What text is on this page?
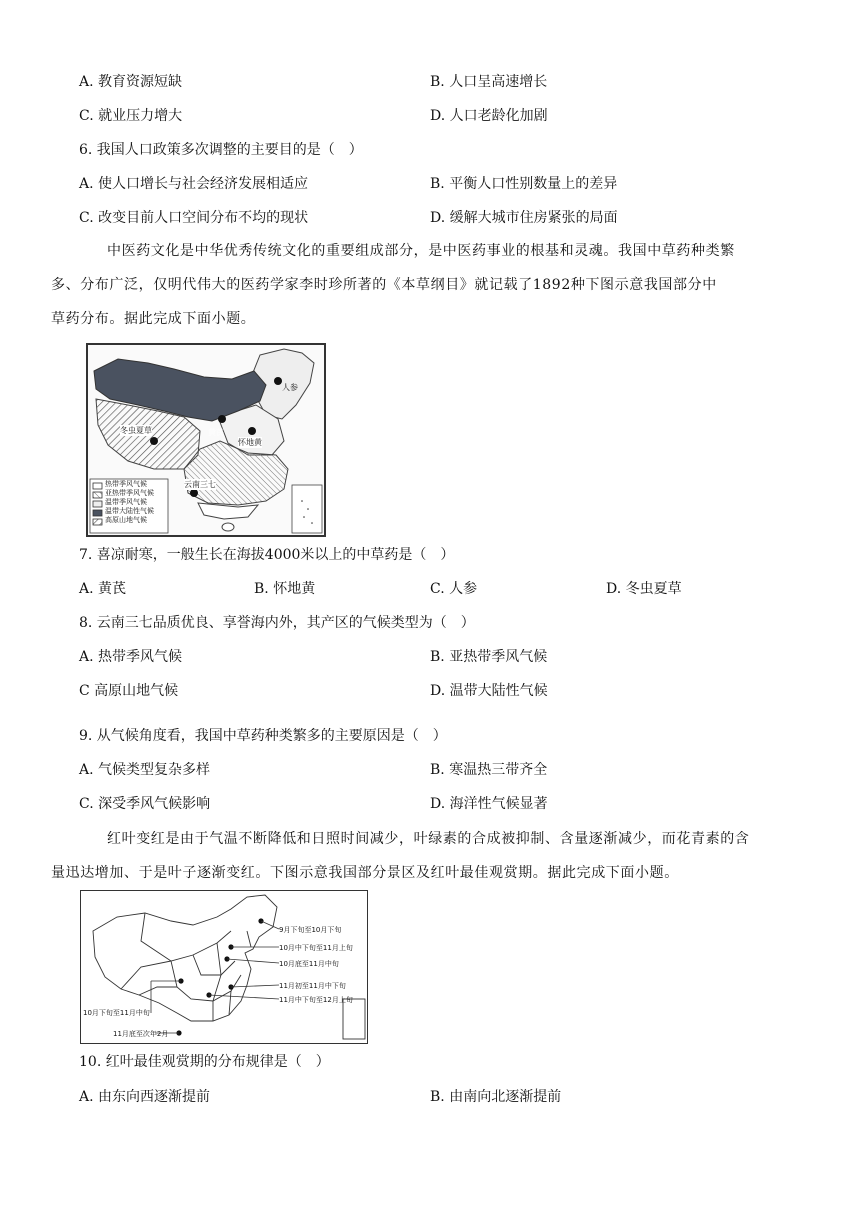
A. 教育资源短缺	B. 人口呈高速增长
C. 就业压力增大	D. 人口老龄化加剧
6. 我国人口政策多次调整的主要目的是（　）
A. 使人口增长与社会经济发展相适应	B. 平衡人口性别数量上的差异
C. 改变目前人口空间分布不均的现状	D. 缓解大城市住房紧张的局面
中医药文化是中华优秀传统文化的重要组成部分，是中医药事业的根基和灵魂。我国中草药种类繁
多、分布广泛，仅明代伟大的医药学家李时珍所著的《本草纲目》就记载了1892种下图示意我国部分中
草药分布。据此完成下面小题。
人参
冬虫夏草	黄芪
怀地黄
云南三七
热带季风气候
亚热带季风气候
温带季风气候
温带大陆性气候
高原山地气候
7. 喜凉耐寒，一般生长在海拔4000米以上的中草药是（　）
A. 黄芪	B. 怀地黄	C. 人参	D. 冬虫夏草
8. 云南三七品质优良、享誉海内外，其产区的气候类型为（　）
A. 热带季风气候	B. 亚热带季风气候
C 高原山地气候	D. 温带大陆性气候
9. 从气候角度看，我国中草药种类繁多的主要原因是（　）
A. 气候类型复杂多样	B. 寒温热三带齐全
C. 深受季风气候影响	D. 海洋性气候显著
红叶变红是由于气温不断降低和日照时间减少，叶绿素的合成被抑制、含量逐渐减少，而花青素的含
量迅达增加、于是叶子逐渐变红。下图示意我国部分景区及红叶最佳观赏期。据此完成下面小题。
9月下旬至10月下旬
10月中下旬至11月上旬
10月底至11月中旬
11月初至11月中下旬
11月中下旬至12月上旬
10月下旬至11月中旬
11月底至次年2月
10. 红叶最佳观赏期的分布规律是（　）
A. 由东向西逐渐提前	B. 由南向北逐渐提前
